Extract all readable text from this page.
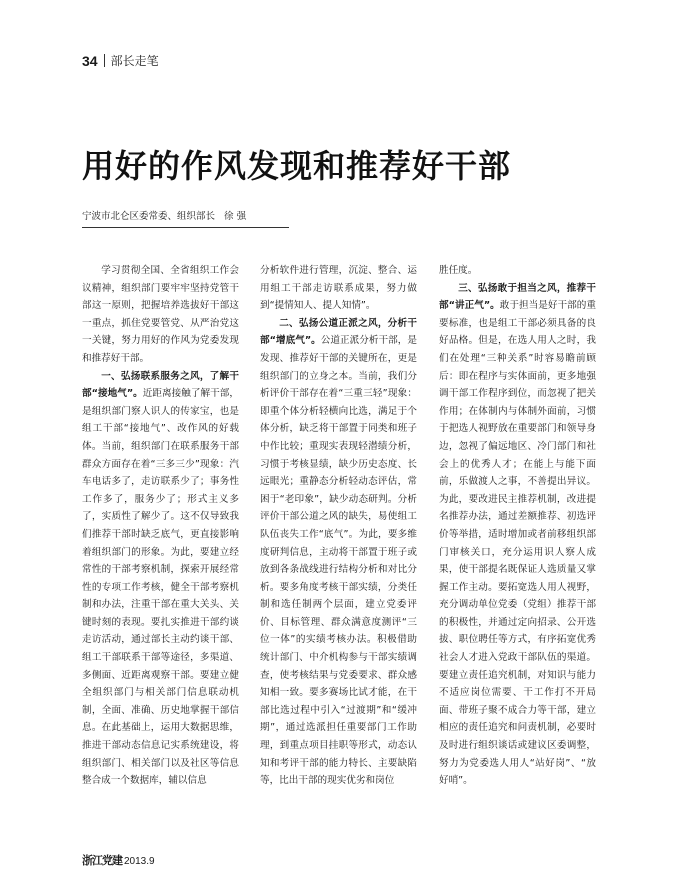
34 部长走笔
用好的作风发现和推荐好干部
宁波市北仑区委常委、组织部长 徐 强

学习贯彻全国、全省组织工作会议精神，组织部门要牢牢坚持党管干部这一原则，把握培养选拔好干部这一重点，抓住党要管党、从严治党这一关键，努力用好的作风为党委发现和推荐好干部。

一、弘扬联系服务之风，了解干部“接地气”。近距离接触了解干部，是组织部门察人识人的传家宝，也是组工干部“接地气”、改作风的好载体。当前，组织部门在联系服务干部群众方面存在着“三多三少”现象：汽车电话多了，走访联系少了；事务性工作多了，服务少了；形式主义多了，实质性了解少了。这不仅导致我们推荐干部时缺乏底气，更直接影响着组织部门的形象。为此，要建立经常性的干部考察机制，探索开展经常性的专项工作考核，健全干部考察机制和办法，注重干部在重大关头、关键时刻的表现。要扎实推进干部约谈走访活动，通过部长主动约谈干部、组工干部联系干部等途径，多渠道、多侧面、近距离观察干部。要建立健全组织部门与相关部门信息联动机制，全面、准确、历史地掌握干部信息。在此基础上，运用大数据思维，推进干部动态信息记实系统建设，将组织部门、相关部门以及社区等信息整合成一个数据库，辅以信息

分析软件进行管理，沉淀、整合、运用组工干部走访联系成果，努力做到“提情知人、提人知情”。

二、弘扬公道正派之风，分析干部“增底气”。公道正派分析干部，是发现、推荐好干部的关键所在，更是组织部门的立身之本。当前，我们分析评价干部存在着“三重三轻”现象：即重个体分析轻横向比选，满足于个体分析，缺乏将干部置于同类和班子中作比较；重现实表现轻潜绩分析，习惯于考核显绩，缺少历史态度、长远眼光；重静态分析轻动态评估，常困于“老印象”，缺少动态研判。分析评价干部公道之风的缺失，易使组工队伍丧失工作“底气”。为此，要多维度研判信息，主动将干部置于班子或放到各条战线进行结构分析和对比分析。要多角度考核干部实绩，分类任制和选任制两个层面，建立党委评价、目标管理、群众满意度测评“三位一体”的实绩考核办法。积极借助统计部门、中介机构参与干部实绩调查，使考核结果与党委要求、群众感知相一致。要多赛场比试才能，在干部比选过程中引入“过渡期”和“缓冲期”，通过选派担任重要部门工作助理，到重点项目挂职等形式，动态认知和考评干部的能力特长、主要缺陷等，比出干部的现实优劣和岗位

胜任度。

三、弘扬敢于担当之风，推荐干部“讲正气”。敢于担当是好干部的重要标准，也是组工干部必须具备的良好品格。但是，在选人用人之时，我们在处理“三种关系”时容易瞻前顾后：即在程序与实体面前，更多地强调干部工作程序到位，而忽视了把关作用；在体制内与体制外面前，习惯于把选人视野放在重要部门和领导身边，忽视了偏远地区、冷门部门和社会上的优秀人才；在能上与能下面前，乐做渡人之事，不善提出异议。为此，要改进民主推荐机制，改进提名推荐办法，通过差额推荐、初选评价等举措，适时增加或者前移组织部门审核关口，充分运用识人察人成果，使干部提名既保证人选质量又掌握工作主动。要拓宽选人用人视野，充分调动单位党委（党组）推荐干部的积极性，并通过定向招录、公开选拔、职位聘任等方式，有序拓宽优秀社会人才进入党政干部队伍的渠道。要建立责任追究机制，对知识与能力不适应岗位需要、干工作打不开局面、带班子聚不成合力等干部，建立相应的责任追究和问责机制，必要时及时进行组织谈话或建议区委调整，努力为党委选人用人“站好岗”、“放好哨”。

浙江党建 2013.9
